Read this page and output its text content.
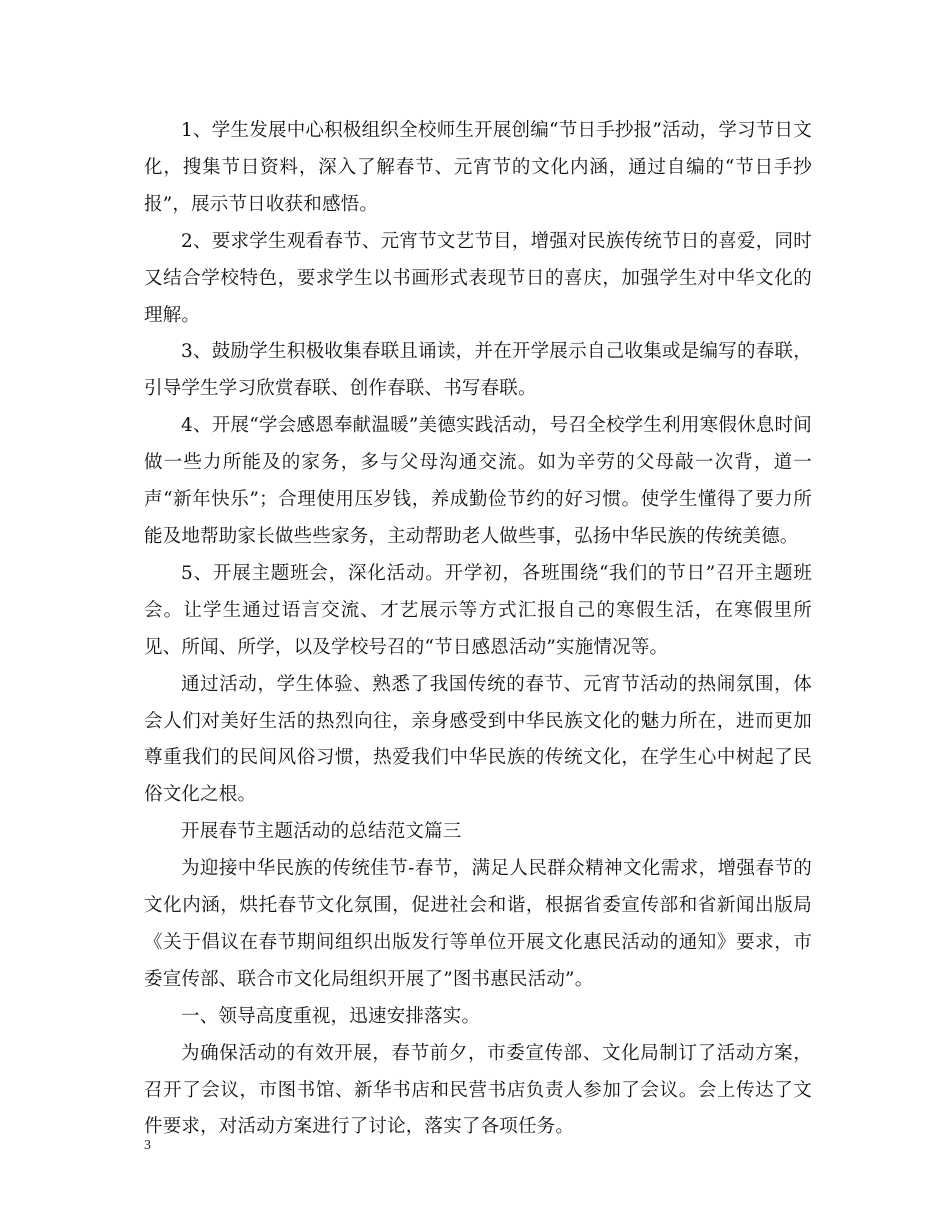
1、学生发展中心积极组织全校师生开展创编“节日手抄报”活动，学习节日文化，搜集节日资料，深入了解春节、元宵节的文化内涵，通过自编的“节日手抄报”，展示节日收获和感悟。

2、要求学生观看春节、元宵节文艺节目，增强对民族传统节日的喜爱，同时又结合学校特色，要求学生以书画形式表现节日的喜庆，加强学生对中华文化的理解。

3、鼓励学生积极收集春联且诵读，并在开学展示自己收集或是编写的春联，引导学生学习欣赏春联、创作春联、书写春联。

4、开展“学会感恩奉献温暖”美德实践活动，号召全校学生利用寒假休息时间做一些力所能及的家务，多与父母沟通交流。如为辛劳的父母敲一次背，道一声“新年快乐”；合理使用压岁钱，养成勤俭节约的好习惯。使学生懂得了要力所能及地帮助家长做些些家务，主动帮助老人做些事，弘扬中华民族的传统美德。

5、开展主题班会，深化活动。开学初，各班围绕“我们的节日”召开主题班会。让学生通过语言交流、才艺展示等方式汇报自己的寒假生活，在寒假里所见、所闻、所学，以及学校号召的“节日感恩活动”实施情况等。

通过活动，学生体验、熟悉了我国传统的春节、元宵节活动的热闹氛围，体会人们对美好生活的热烈向往，亲身感受到中华民族文化的魅力所在，进而更加尊重我们的民间风俗习惯，热爱我们中华民族的传统文化，在学生心中树起了民俗文化之根。

开展春节主题活动的总结范文篇三

为迎接中华民族的传统佳节-春节，满足人民群众精神文化需求，增强春节的文化内涵，烘托春节文化氛围，促进社会和谐，根据省委宣传部和省新闻出版局《关于倡议在春节期间组织出版发行等单位开展文化惠民活动的通知》要求，市委宣传部、联合市文化局组织开展了”图书惠民活动”。

一、领导高度重视，迅速安排落实。

为确保活动的有效开展，春节前夕，市委宣传部、文化局制订了活动方案，召开了会议，市图书馆、新华书店和民营书店负责人参加了会议。会上传达了文件要求，对活动方案进行了讨论，落实了各项任务。

3
